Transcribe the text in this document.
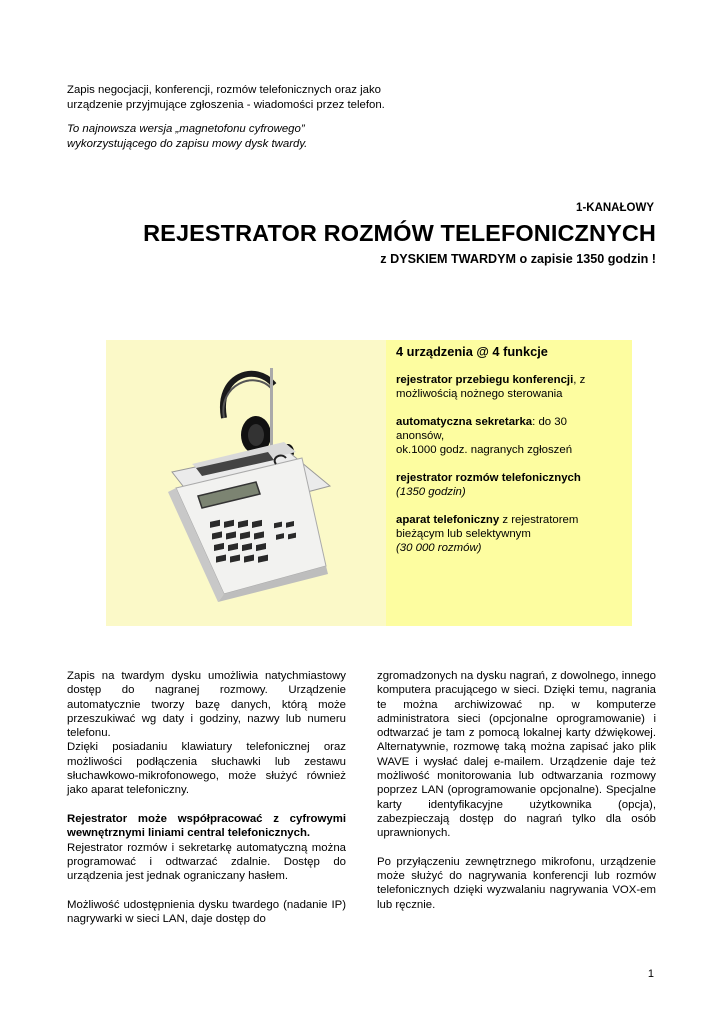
Zapis negocjacji, konferencji, rozmów telefonicznych oraz jako
urządzenie przyjmujące zgłoszenia - wiadomości przez telefon.

To najnowsza wersja „magnetofonu cyfrowego”
wykorzystującego do zapisu mowy dysk twardy.

1-KANAŁOWY
REJESTRATOR ROZMÓW TELEFONICZNYCH
z DYSKIEM TWARDYM o zapisie 1350 godzin !
4 urządzenia @ 4 funkcje

rejestrator przebiegu konferencji, z możliwością nożnego sterowania

automatyczna sekretarka: do 30 anonsów,
ok.1000 godz. nagranych zgłoszeń

rejestrator rozmów telefonicznych
(1350 godzin)

aparat telefoniczny z rejestratorem bieżącym lub selektywnym
(30 000 rozmów)

Zapis na twardym dysku umożliwia natychmiastowy dostęp do nagranej rozmowy. Urządzenie automatycznie tworzy bazę danych, którą może przeszukiwać wg daty i godziny, nazwy lub numeru telefonu.

Dzięki posiadaniu klawiatury telefonicznej oraz możliwości podłączenia słuchawki lub zestawu słuchawkowo-mikrofonowego, może służyć również jako aparat telefoniczny.

Rejestrator może współpracować z cyfrowymi wewnętrznymi liniami central telefonicznych.
Rejestrator rozmów i sekretarkę automatyczną można programować i odtwarzać zdalnie. Dostęp do urządzenia jest jednak ograniczany hasłem.

Możliwość udostępnienia dysku twardego (nadanie IP) nagrywarki w sieci LAN, daje dostęp do

zgromadzonych na dysku nagrań, z dowolnego, innego komputera pracującego w sieci. Dzięki temu, nagrania te można archiwizować np. w komputerze administratora sieci (opcjonalne oprogramowanie) i odtwarzać je tam z pomocą lokalnej karty dźwiękowej. Alternatywnie, rozmowę taką można zapisać jako plik WAVE i wysłać dalej e-mailem. Urządzenie daje też możliwość monitorowania lub odtwarzania rozmowy poprzez LAN (oprogramowanie opcjonalne). Specjalne karty identyfikacyjne użytkownika (opcja), zabezpieczają dostęp do nagrań tylko dla osób uprawnionych.

Po przyłączeniu zewnętrznego mikrofonu, urządzenie może służyć do nagrywania konferencji lub rozmów telefonicznych dzięki wyzwalaniu nagrywania VOX-em lub ręcznie.

1
